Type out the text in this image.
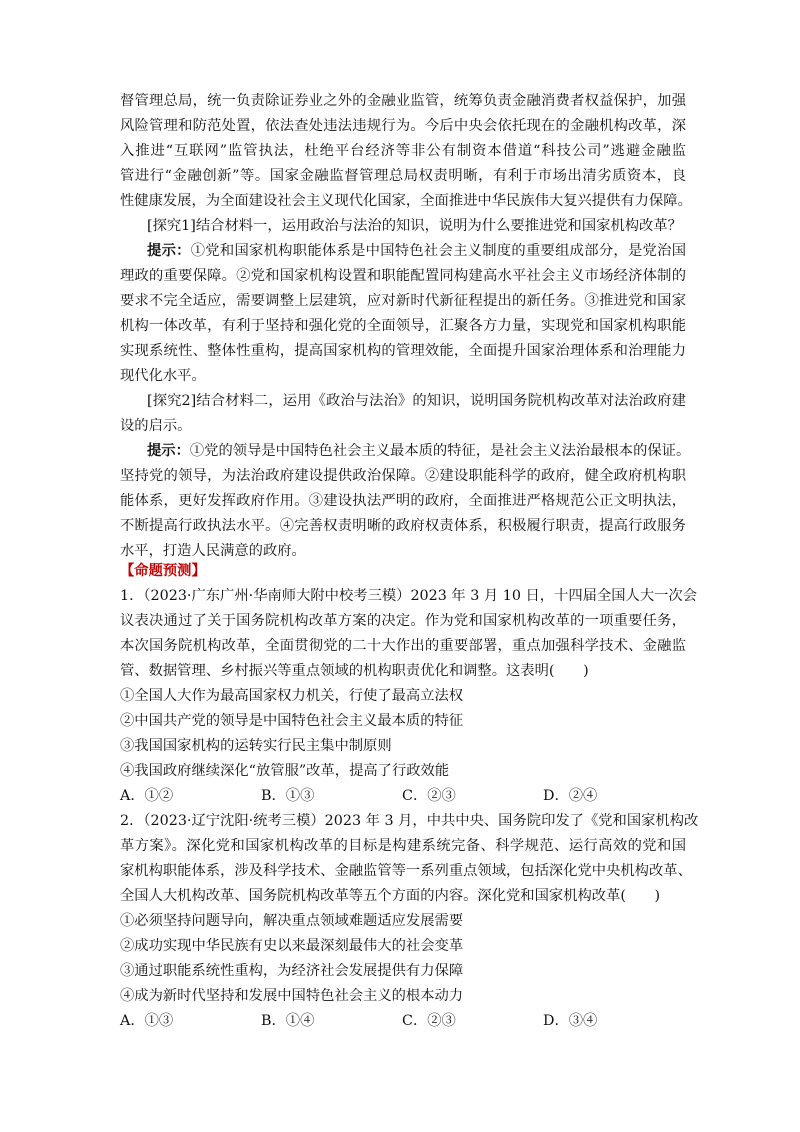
督管理总局，统一负责除证券业之外的金融业监管，统筹负责金融消费者权益保护，加强
风险管理和防范处置，依法查处违法违规行为。今后中央会依托现在的金融机构改革，深
入推进“互联网”监管执法，杜绝平台经济等非公有制资本借道“科技公司”逃避金融监
管进行“金融创新”等。国家金融监督管理总局权责明晰，有利于市场出清劣质资本，良
性健康发展，为全面建设社会主义现代化国家，全面推进中华民族伟大复兴提供有力保障。
[探究1]结合材料一，运用政治与法治的知识，说明为什么要推进党和国家机构改革？
提示：①党和国家机构职能体系是中国特色社会主义制度的重要组成部分，是党治国
理政的重要保障。②党和国家机构设置和职能配置同构建高水平社会主义市场经济体制的
要求不完全适应，需要调整上层建筑，应对新时代新征程提出的新任务。③推进党和国家
机构一体改革，有利于坚持和强化党的全面领导，汇聚各方力量，实现党和国家机构职能
实现系统性、整体性重构，提高国家机构的管理效能，全面提升国家治理体系和治理能力
现代化水平。
[探究2]结合材料二，运用《政治与法治》的知识，说明国务院机构改革对法治政府建
设的启示。
提示：①党的领导是中国特色社会主义最本质的特征，是社会主义法治最根本的保证。
坚持党的领导，为法治政府建设提供政治保障。②建设职能科学的政府，健全政府机构职
能体系，更好发挥政府作用。③建设执法严明的政府，全面推进严格规范公正文明执法，
不断提高行政执法水平。④完善权责明晰的政府权责体系，积极履行职责，提高行政服务
水平，打造人民满意的政府。
【命题预测】
1．（2023·广东广州·华南师大附中校考三模）2023 年 3 月 10 日，十四届全国人大一次会
议表决通过了关于国务院机构改革方案的决定。作为党和国家机构改革的一项重要任务，
本次国务院机构改革，全面贯彻党的二十大作出的重要部署，重点加强科学技术、金融监
管、数据管理、乡村振兴等重点领域的机构职责优化和调整。这表明(　　)
①全国人大作为最高国家权力机关，行使了最高立法权
②中国共产党的领导是中国特色社会主义最本质的特征
③我国国家机构的运转实行民主集中制原则
④我国政府继续深化“放管服”改革，提高了行政效能
A．①②	B．①③	C．②③	D．②④
2．（2023·辽宁沈阳·统考三模）2023 年 3 月，中共中央、国务院印发了《党和国家机构改
革方案》。深化党和国家机构改革的目标是构建系统完备、科学规范、运行高效的党和国
家机构职能体系，涉及科学技术、金融监管等一系列重点领域，包括深化党中央机构改革、
全国人大机构改革、国务院机构改革等五个方面的内容。深化党和国家机构改革(　　)
①必须坚持问题导向，解决重点领域难题适应发展需要
②成功实现中华民族有史以来最深刻最伟大的社会变革
③通过职能系统性重构，为经济社会发展提供有力保障
④成为新时代坚持和发展中国特色社会主义的根本动力
A．①③	B．①④	C．②③	D．③④
